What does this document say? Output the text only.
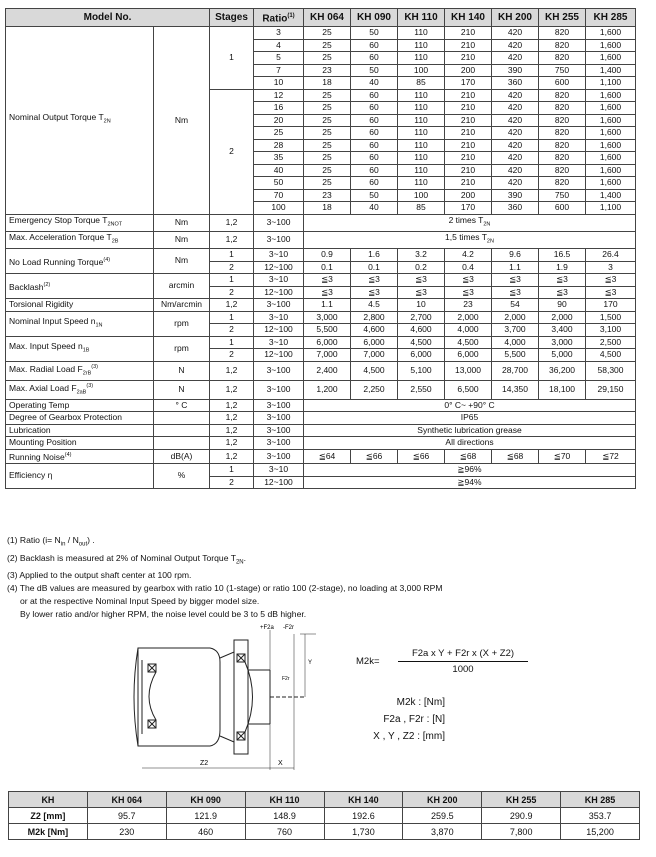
Model No.		Stages	Ratio$^{(1)}$	KH 064	KH 090	KH 110	KH 140	KH 200	KH 255	KH 285
Nominal Output Torque $T_{2N}$	Nm	1	3	25	50	110	210	420	820	1,600
			4	25	60	110	210	420	820	1,600
			5	25	60	110	210	420	820	1,600
			7	23	50	100	200	390	750	1,400
			10	18	40	85	170	360	600	1,100
		2	12	25	60	110	210	420	820	1,600
			16	25	60	110	210	420	820	1,600
			20	25	60	110	210	420	820	1,600
			25	25	60	110	210	420	820	1,600
			28	25	60	110	210	420	820	1,600
			35	25	60	110	210	420	820	1,600
			40	25	60	110	210	420	820	1,600
			50	25	60	110	210	420	820	1,600
			70	23	50	100	200	390	750	1,400
			100	18	40	85	170	360	600	1,100
Emergency Stop Torque $T_{2NOT}$	Nm	1,2	3~100	2 times $T_{2N}$
Max. Acceleration Torque $T_{2B}$	Nm	1,2	3~100	1,5 times $T_{2N}$
No Load Running Torque$^{(4)}$	Nm	1	3~10	0.9	1.6	3.2	4.2	9.6	16.5	26.4
		2	12~100	0.1	0.1	0.2	0.4	1.1	1.9	3
Backlash$^{(2)}$	arcmin	1	3~10	≦3	≦3	≦3	≦3	≦3	≦3	≦3
		2	12~100	≦3	≦3	≦3	≦3	≦3	≦3	≦3
Torsional Rigidity	Nm/arcmin	1,2	3~100	1.1	4.5	10	23	54	90	170
Nominal Input Speed $n_{1N}$	rpm	1	3~10	3,000	2,800	2,700	2,000	2,000	2,000	1,500
		2	12~100	5,500	4,600	4,600	4,000	3,700	3,400	3,100
Max. Input Speed $n_{1B}$	rpm	1	3~10	6,000	6,000	4,500	4,500	4,000	3,000	2,500
		2	12~100	7,000	7,000	6,000	6,000	5,500	5,000	4,500
Max. Radial Load $F_{2rB}^{(3)}$	N	1,2	3~100	2,400	4,500	5,100	13,000	28,700	36,200	58,300
Max. Axial Load $F_{2aB}^{(3)}$	N	1,2	3~100	1,200	2,250	2,550	6,500	14,350	18,100	29,150
Operating Temp	° C	1,2	3~100	0° C~ +90° C						
Degree of Gearbox Protection		1,2	3~100	IP65						
Lubrication		1,2	3~100	Synthetic lubrication grease						
Mounting Position		1,2	3~100	All directions						
Running Noise$^{(4)}$	dB(A)	1,2	3~100	≦64	≦66	≦66	≦68	≦68	≦70	≦72
Efficiency η	%	1	3~10	≧96%						
		2	12~100	≧94%						
(1) Ratio $(i= N_{in} / N_{out})$ .
(2) Backlash is measured at 2% of Nominal Output Torque $T_{2N}$.
(3) Applied to the output shaft center at 100 rpm.
(4) The dB values are measured by gearbox with ratio 10 (1-stage) or ratio 100 (2-stage), no loading at 3,000 RPM
or at the respective Nominal Input Speed by bigger model size.
By lower ratio and/or higher RPM, the noise level could be 3 to 5 dB higher.
+F2a -F2r
Y
F2r
Z2	X
$M2k= \frac{\text{F2a x Y + F2r x (X + Z2)}}{1000}$
M2k : [Nm]
F2a , F2r : [N]
X , Y , Z2 : [mm]
KH	KH 064	KH 090	KH 110	KH 140	KH 200	KH 255	KH 285
Z2 [mm]	95.7	121.9	148.9	192.6	259.5	290.9	353.7
M2k [Nm]	230	460	760	1,730	3,870	7,800	15,200
